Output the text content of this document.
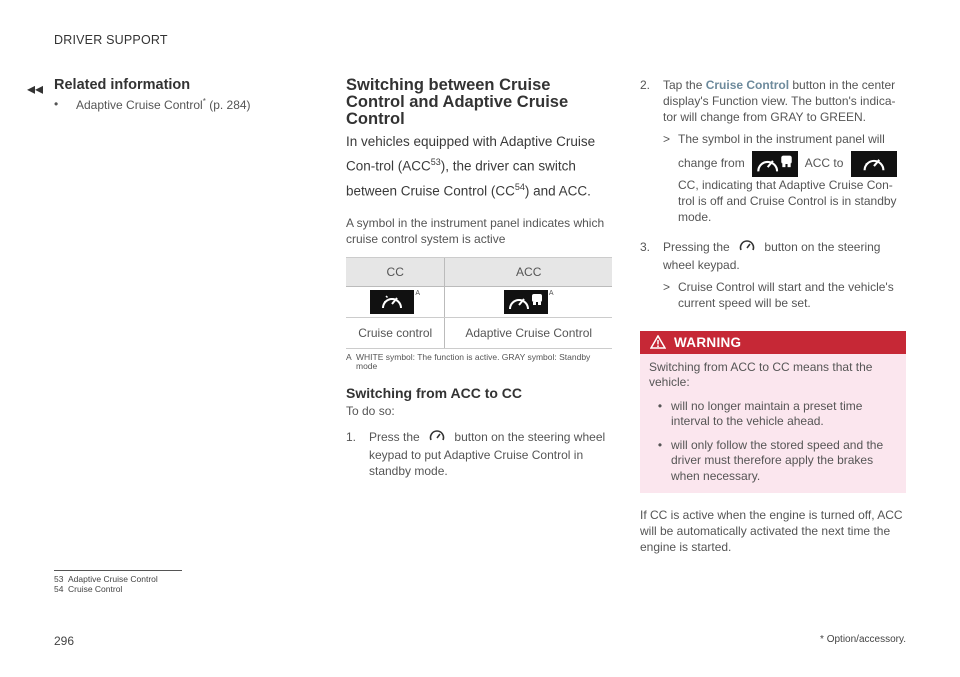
DRIVER SUPPORT
◂◂ Related information
•	Adaptive Cruise Control* (p. 284)
Switching between Cruise Control and Adaptive Cruise Control
In vehicles equipped with Adaptive Cruise Con-trol (ACC$^{53}$), the driver can switch between Cruise Control (CC$^{54}$) and ACC.
A symbol in the instrument panel indicates which cruise control system is active
CC	ACC

$^A$	$^A$
Cruise control	Adaptive Cruise Control
A WHITE symbol: The function is active. GRAY symbol: Standby mode
Switching from ACC to CC
To do so:
1.	Press the	button on the steering wheel keypad to put Adaptive Cruise Control in standby mode.
2.	Tap the Cruise Control button in the center display's Function view. The button's indica-tor will change from GRAY to GREEN.
> The symbol in the instrument panel will
change from	ACC to
CC, indicating that Adaptive Cruise Con-trol is off and Cruise Control is in standby mode.
3.	Pressing the	button on the steering wheel keypad.
> Cruise Control will start and the vehicle's current speed will be set.
WARNING
Switching from ACC to CC means that the vehicle:
• will no longer maintain a preset time interval to the vehicle ahead.
• will only follow the stored speed and the driver must therefore apply the brakes when necessary.
If CC is active when the engine is turned off, ACC will be automatically activated the next time the engine is started.
53 Adaptive Cruise Control
54 Cruise Control
296	* Option/accessory.
